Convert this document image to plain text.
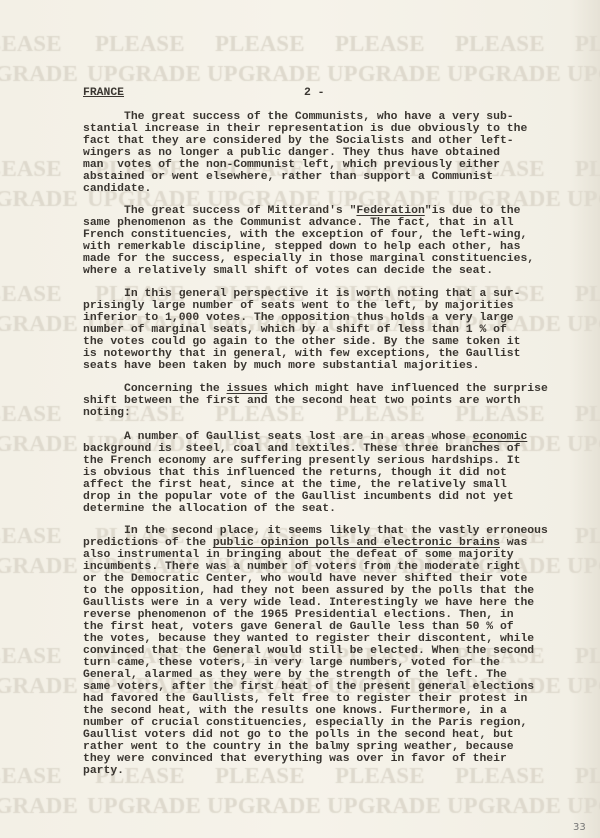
FRANCE	2 -
The great success of the Communists, who have a very sub-
stantial increase in their representation is due obviously to the
fact that they are considered by the Socialists and other left-
wingers as no longer a public danger. They thus have obtained
man  votes of the non-Communist left, which previously either
abstained or went elsewhere, rather than support a Communist
candidate.
The great success of Mitterand's "Federation"is due to the
same phenomenon as the Communist advance. The fact, that in all
French constituencies, with the exception of four, the left-wing,
with remerkable discipline, stepped down to help each other, has
made for the success, especially in those marginal constituencies,
where a relatively small shift of votes can decide the seat.
In this general perspective it is worth noting that a sur-
prisingly large number of seats went to the left, by majorities
inferior to 1,000 votes. The opposition thus holds a very large
number of marginal seats, which by a shift of less than 1 % of
the votes could go again to the other side. By the same token it
is noteworthy that in general, with few exceptions, the Gaullist
seats have been taken by much more substantial majorities.
Concerning the issues which might have influenced the surprise
shift between the first and the second heat two points are worth
noting:
A number of Gaullist seats lost are in areas whose economic
background is  steel, coal and textiles. These three branches of
the French economy are suffering presently serious hardships. It
is obvious that this influenced the returns, though it did not
affect the first heat, since at the time, the relatively small
drop in the popular vote of the Gaullist incumbents did not yet
determine the allocation of the seat.
In the second place, it seems likely that the vastly erroneous
predictions of the public opinion polls and electronic brains was
also instrumental in bringing about the defeat of some majority
incumbents. There was a number of voters from the moderate right
or the Democratic Center, who would have never shifted their vote
to the opposition, had they not been assured by the polls that the
Gaullists were in a very wide lead. Interestingly we have here the
reverse phenomenon of the 1965 Presidential elections. Then, in
the first heat, voters gave General de Gaulle less than 50 % of
the votes, because they wanted to register their discontent, while
convinced that the General would still be elected. When the second
turn came, these voters, in very large numbers, voted for the
General, alarmed as they were by the strength of the left. The
same voters, after the first heat of the present general elections
had favored the Gaullists, felt free to register their protest in
the second heat, with the results one knows. Furthermore, in a
number of crucial constituencies, especially in the Paris region,
Gaullist voters did not go to the polls in the second heat, but
rather went to the country in the balmy spring weather, because
they were convinced that everything was over in favor of their
party.
33
